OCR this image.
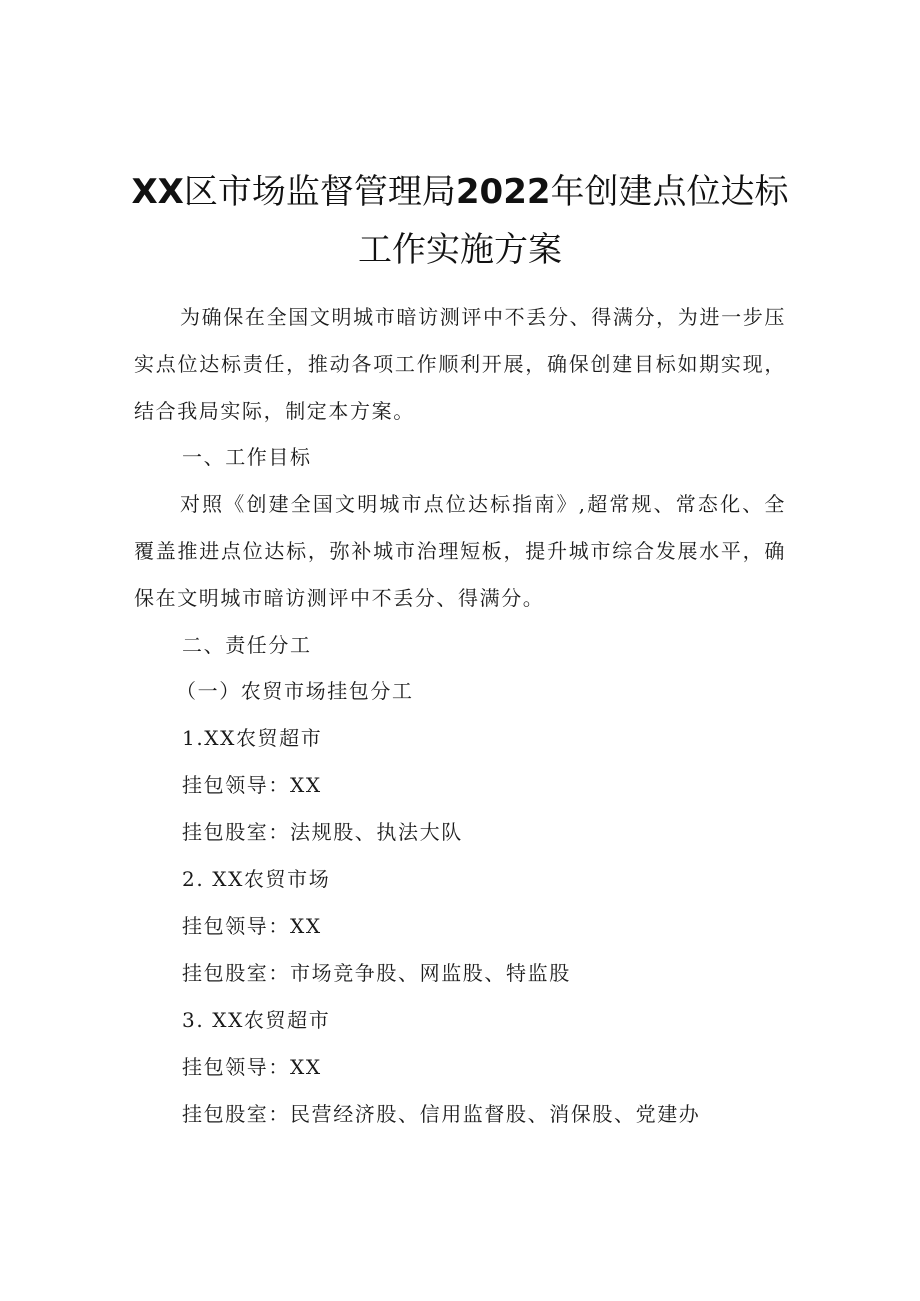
XX区市场监督管理局2022年创建点位达标
工作实施方案

为确保在全国文明城市暗访测评中不丢分、得满分，为进一步压实点位达标责任，推动各项工作顺利开展，确保创建目标如期实现，结合我局实际，制定本方案。

一、工作目标

对照《创建全国文明城市点位达标指南》,超常规、常态化、全覆盖推进点位达标，弥补城市治理短板，提升城市综合发展水平，确保在文明城市暗访测评中不丢分、得满分。

二、责任分工

（一）农贸市场挂包分工

1.XX农贸超市

挂包领导：XX

挂包股室：法规股、执法大队

2. XX农贸市场

挂包领导：XX

挂包股室：市场竞争股、网监股、特监股

3. XX农贸超市

挂包领导：XX

挂包股室：民营经济股、信用监督股、消保股、党建办
